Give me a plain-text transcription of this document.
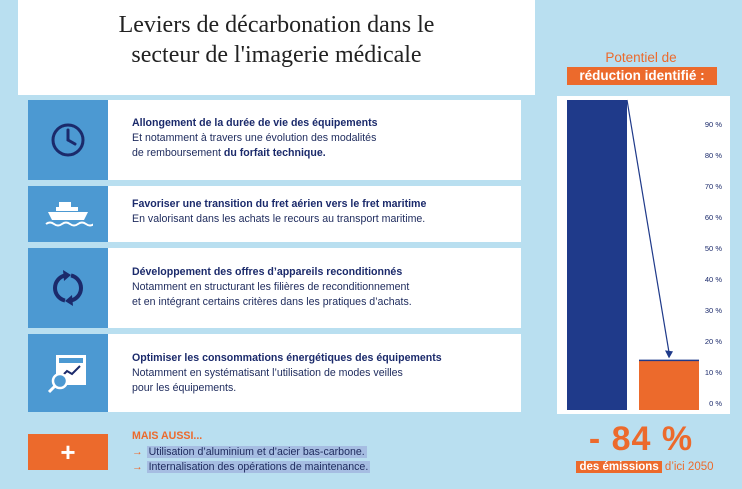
Leviers de décarbonation dans le
secteur de l'imagerie médicale
Allongement de la durée de vie des équipements
Et notamment à travers une évolution des modalités
de remboursement du forfait technique.
Favoriser une transition du fret aérien vers le fret maritime
En valorisant dans les achats le recours au transport maritime.
Développement des offres d’appareils reconditionnés
Notamment en structurant les filières de reconditionnement
et en intégrant certains critères dans les pratiques d’achats.
Optimiser les consommations énergétiques des équipements
Notamment en systématisant l’utilisation de modes veilles
pour les équipements.
+
MAIS AUSSI...
→ Utilisation d’aluminium et d’acier bas-carbone.
→ Internalisation des opérations de maintenance.
Potentiel de
réduction identifié :
0 %
10 %
20 %
30 %
40 %
50 %
60 %
70 %
80 %
90 %
- 84 %
des émissions d’ici 2050
